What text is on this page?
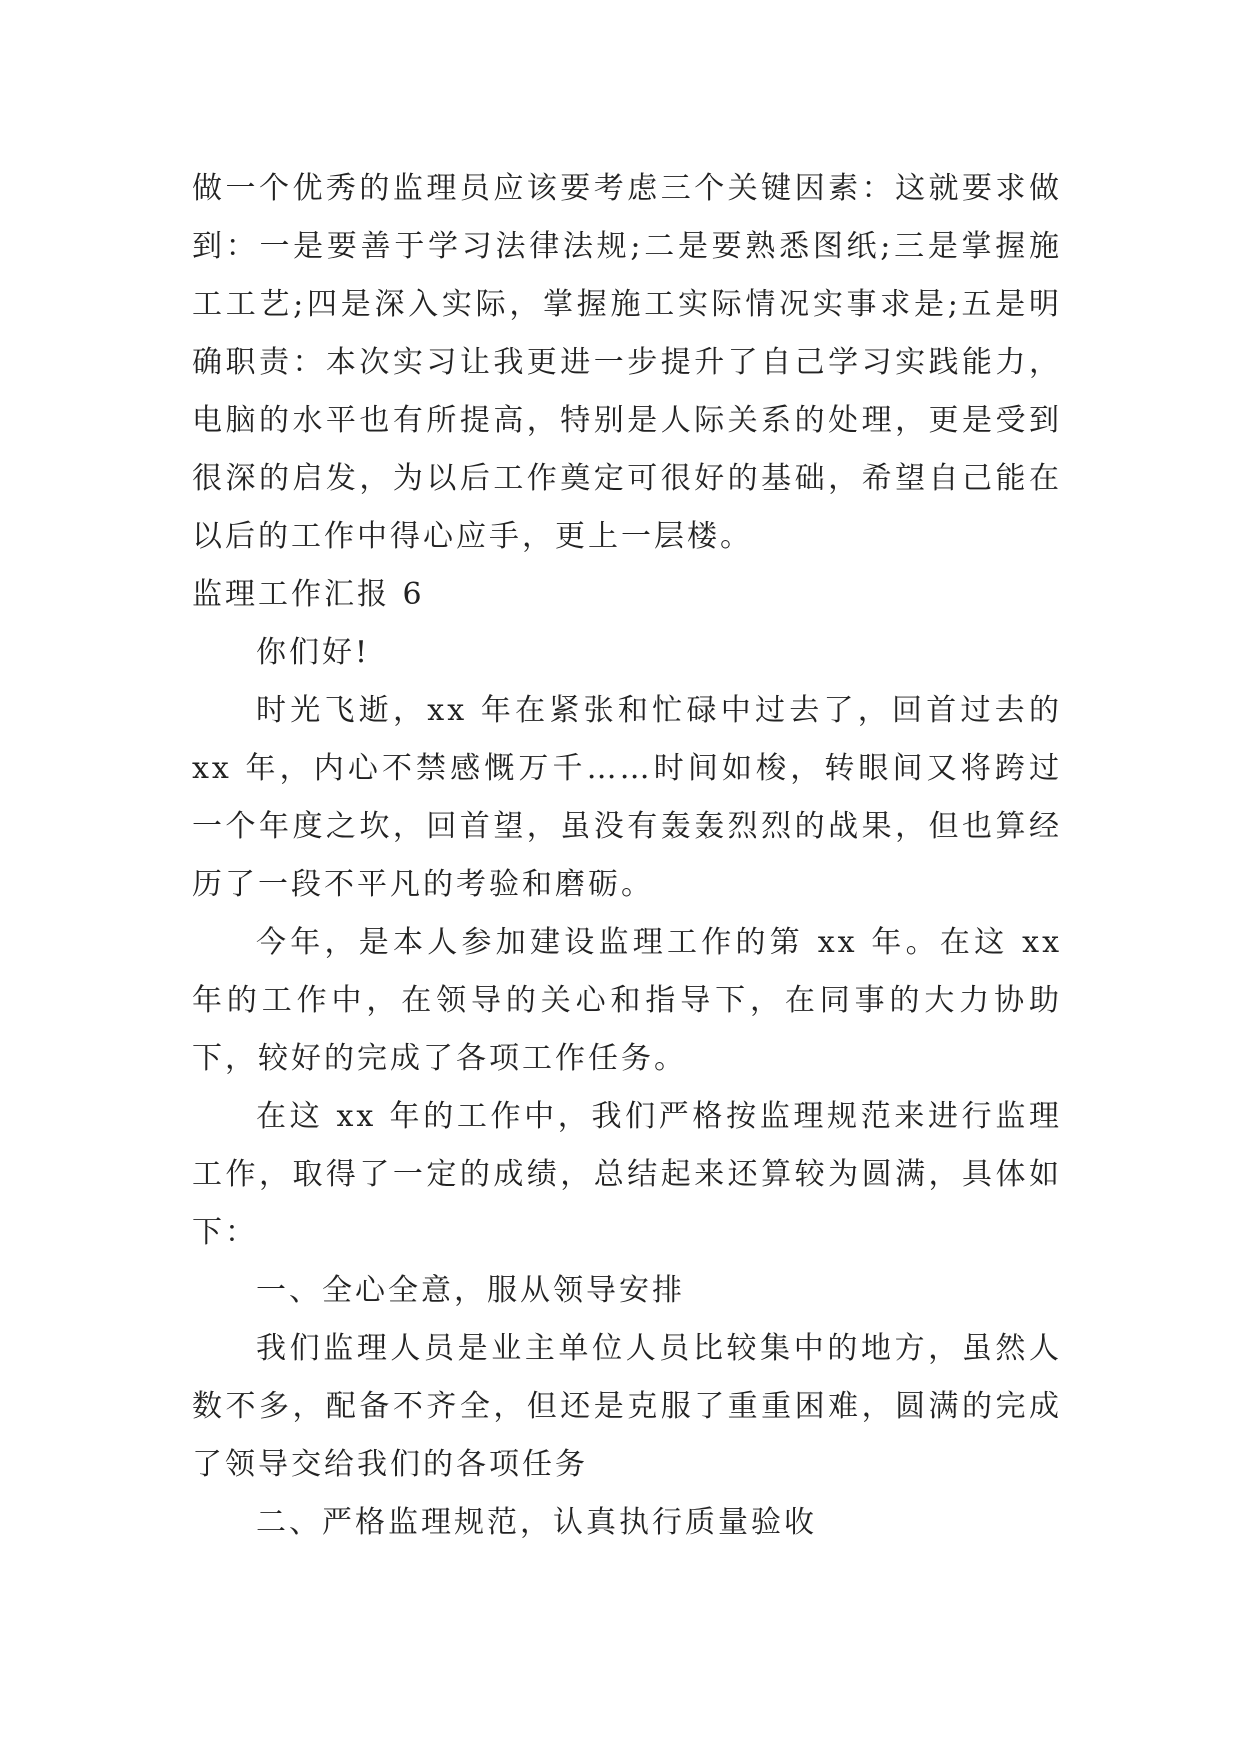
做一个优秀的监理员应该要考虑三个关键因素：这就要求做到：一是要善于学习法律法规;二是要熟悉图纸;三是掌握施工工艺;四是深入实际，掌握施工实际情况实事求是;五是明确职责：本次实习让我更进一步提升了自己学习实践能力，电脑的水平也有所提高，特别是人际关系的处理，更是受到很深的启发，为以后工作奠定可很好的基础，希望自己能在以后的工作中得心应手，更上一层楼。

监理工作汇报 6

你们好!

时光飞逝，xx 年在紧张和忙碌中过去了，回首过去的 xx 年，内心不禁感慨万千……时间如梭，转眼间又将跨过一个年度之坎，回首望，虽没有轰轰烈烈的战果，但也算经历了一段不平凡的考验和磨砺。

今年，是本人参加建设监理工作的第 xx 年。在这 xx 年的工作中，在领导的关心和指导下，在同事的大力协助下，较好的完成了各项工作任务。

在这 xx 年的工作中，我们严格按监理规范来进行监理工作，取得了一定的成绩，总结起来还算较为圆满，具体如下：

一、全心全意，服从领导安排

我们监理人员是业主单位人员比较集中的地方，虽然人数不多，配备不齐全，但还是克服了重重困难，圆满的完成了领导交给我们的各项任务

二、严格监理规范，认真执行质量验收
